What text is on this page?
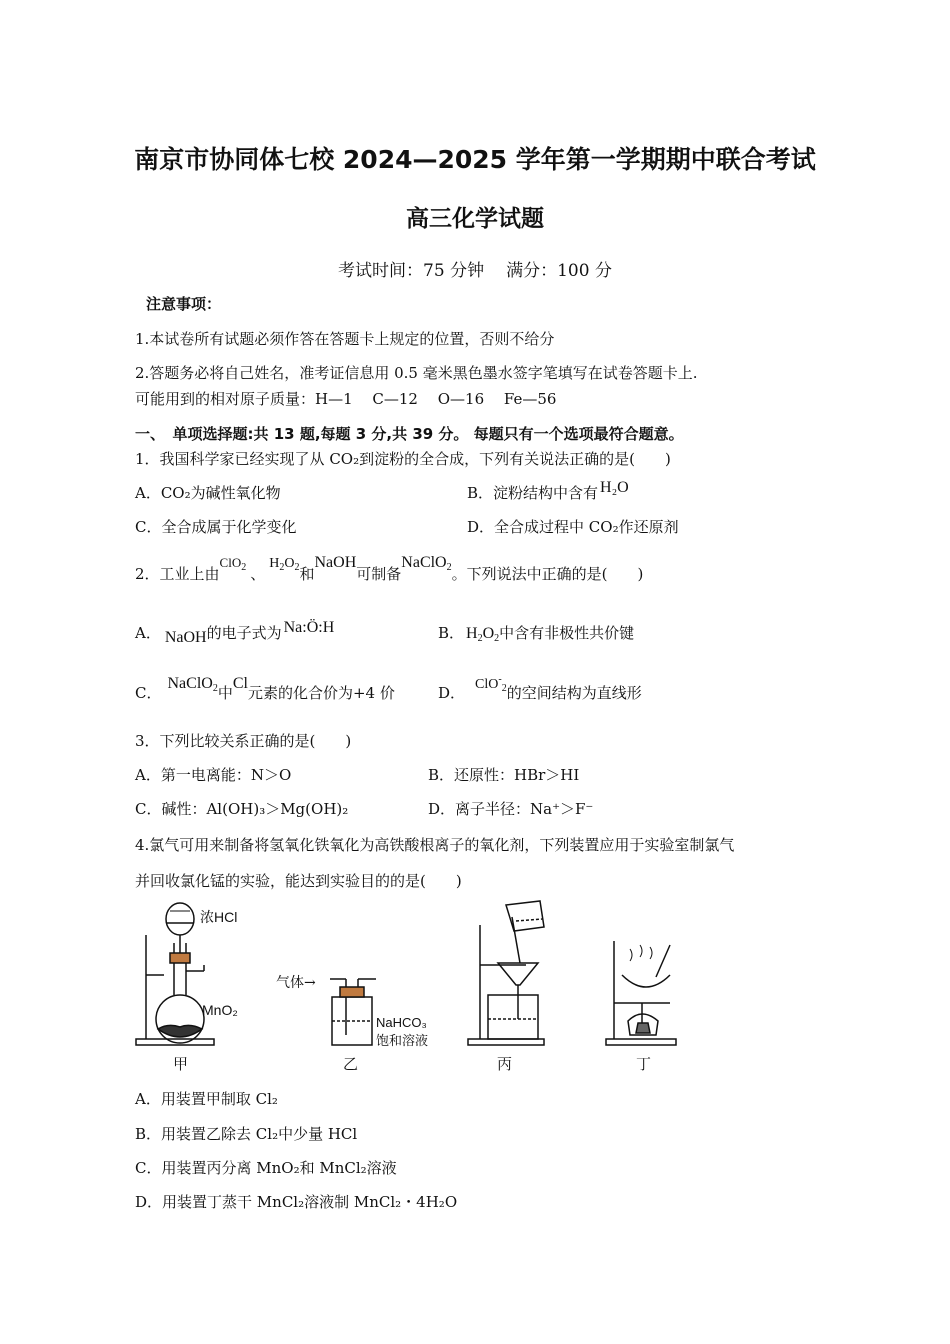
南京市协同体七校 2024—2025 学年第一学期期中联合考试
高三化学试题
考试时间：75 分钟 满分：100 分
注意事项：
1.本试卷所有试题必须作答在答题卡上规定的位置，否则不给分
2.答题务必将自己姓名，准考证信息用 0.5 毫米黑色墨水签字笔填写在试卷答题卡上.
可能用到的相对原子质量：H—1　 C—12　 O—16　 Fe—56
一、　单项选择题:共 13 题,每题 3 分,共 39 分。 每题只有一个选项最符合题意。
1．我国科学家已经实现了从 CO₂到淀粉的全合成，下列有关说法正确的是(　　)
A．CO₂为碱性氧化物	B．淀粉结构中含有 H₂O
C．全合成属于化学变化	D．全合成过程中 CO₂作还原剂
2．工业上由ClO$_2$ 、$H_2O_2$和NaOH可制备NaClO$_2$。下列说法中正确的是(　　)
A． NaOH的电子式为 Na:Ö:H	B． $H_2O_2$中含有非极性共价键
C．NaClO$_2$中Cl元素的化合价为+4 价	D． ClO-$_2$的空间结构为直线形
3．下列比较关系正确的是(　　)
A．第一电离能：N＞O	B．还原性：HBr＞HI
C．碱性：Al(OH)₃＞Mg(OH)₂	D．离子半径：Na⁺＞F⁻
4.氯气可用来制备将氢氧化铁氧化为高铁酸根离子的氧化剂，下列装置应用于实验室制氯气
并回收氯化锰的实验，能达到实验目的的是(　　)
浓HCl
MnO₂
气体→
NaHCO₃
饱和溶液
甲	乙	丙	丁
A．用装置甲制取 Cl₂
B．用装置乙除去 Cl₂中少量 HCl
C．用装置丙分离 MnO₂和 MnCl₂溶液
D．用装置丁蒸干 MnCl₂溶液制 MnCl₂・4H₂O
